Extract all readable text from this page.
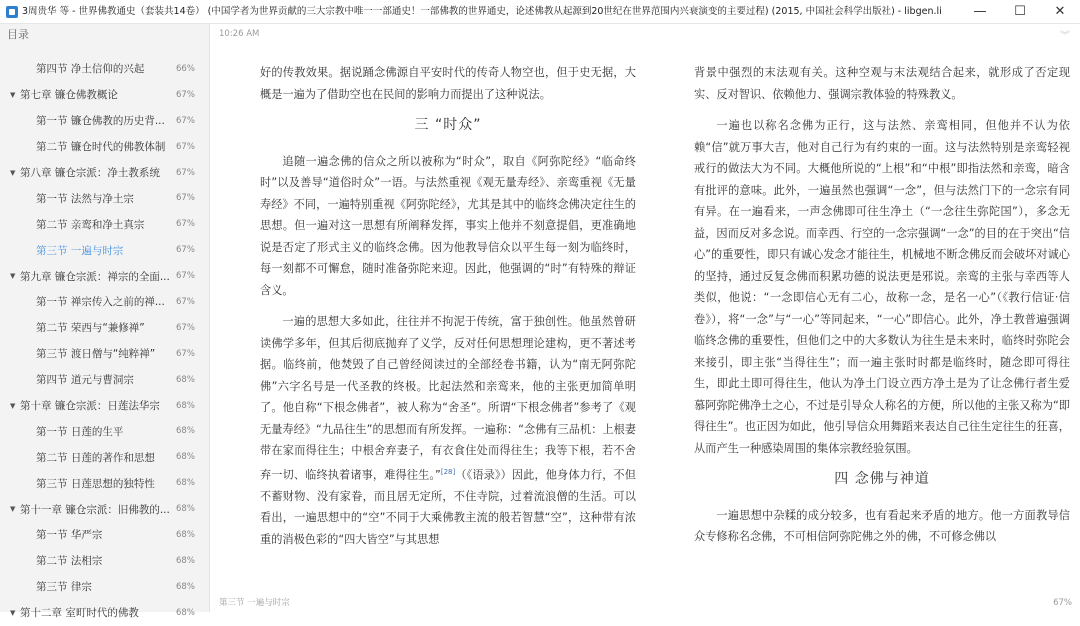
3周贵华 等 - 世界佛教通史（套装共14卷） (中国学者为世界贡献的三大宗教中唯一一部通史！一部佛教的世界通史，论述佛教从起源到20世纪在世界范围内兴衰演变的主要过程) (2015, 中国社会科学出版社) - libgen.li	—	☐	✕
目录
第四节 净土信仰的兴起	66%
▼ 第七章 镰仓佛教概论	67%
第一节 镰仓佛教的历史背...	67%
第二节 镰仓时代的佛教体制	67%
▼ 第八章 镰仓宗派：净土教系统	67%
第一节 法然与净土宗	67%
第二节 亲鸾和净土真宗	67%
第三节 一遍与时宗	67%
▼ 第九章 镰仓宗派：禅宗的全面... 67%
第一节 禅宗传入之前的禅...	67%
第二节 荣西与“兼修禅”	67%
第三节 渡日僧与“纯粹禅”	67%
第四节 道元与曹洞宗	68%
▼ 第十章 镰仓宗派：日莲法华宗	68%
第一节 日莲的生平	68%
第二节 日莲的著作和思想	68%
第三节 日莲思想的独特性	68%
▼ 第十一章 镰仓宗派：旧佛教的... 68%
第一节 华严宗	68%
第二节 法相宗	68%
第三节 律宗	68%
▼ 第十二章 室町时代的佛教	68%
10:26 AM	︾

好的传教效果。据说踊念佛源自平安时代的传奇人物空也，但于史无据，大概是一遍为了借助空也在民间的影响力而提出了这种说法。

三 “时众”

追随一遍念佛的信众之所以被称为“时众”，取自《阿弥陀经》“临命终时”以及善导“道俗时众”一语。与法然重视《观无量寿经》、亲鸾重视《无量寿经》不同，一遍特别重视《阿弥陀经》，尤其是其中的临终念佛决定往生的思想。但一遍对这一思想有所阐释发挥，事实上他并不刻意提倡，更准确地说是否定了形式主义的临终念佛。因为他教导信众以平生每一刻为临终时，每一刻都不可懈怠，随时准备弥陀来迎。因此，他强调的“时”有特殊的辩证含义。

一遍的思想大多如此，往往并不拘泥于传统，富于独创性。他虽然曾研读佛学多年，但其后彻底抛弃了义学，反对任何思想理论建构，更不著述考据。临终前，他焚毁了自己曾经阅读过的全部经卷书籍，认为“南无阿弥陀佛”六字名号是一代圣教的终极。比起法然和亲鸾来，他的主张更加简单明了。他自称“下根念佛者”，被人称为“舍圣”。所谓“下根念佛者”参考了《观无量寿经》“九品往生”的思想而有所发挥。一遍称：“念佛有三品机：上根妻带在家而得往生；中根舍弃妻子，有衣食住处而得往生；我等下根，若不舍弃一切、临终执着诸事，难得往生。”[28]（《语录》）因此，他身体力行，不但不蓄财物、没有家眷，而且居无定所，不住寺院，过着流浪僧的生活。可以看出，一遍思想中的“空”不同于大乘佛教主流的般若智慧“空”，这种带有浓重的消极色彩的“四大皆空”与其思想

背景中强烈的末法观有关。这种空观与末法观结合起来，就形成了否定现实、反对智识、依赖他力、强调宗教体验的特殊教义。

一遍也以称名念佛为正行，这与法然、亲鸾相同，但他并不认为依赖“信”就万事大吉，他对自己行为有约束的一面。这与法然特别是亲鸾轻视戒行的做法大为不同。大概他所说的“上根”和“中根”即指法然和亲鸾，暗含有批评的意味。此外，一遍虽然也强调“一念”，但与法然门下的一念宗有同有异。在一遍看来，一声念佛即可往生净土（“一念往生弥陀国”），多念无益，因而反对多念说。而幸西、行空的一念宗强调“一念”的目的在于突出“信心”的重要性，即只有诚心发念才能往生，机械地不断念佛反而会破坏对诚心的坚持，通过反复念佛而积累功德的说法更是邪说。亲鸾的主张与幸西等人类似，他说：“一念即信心无有二心，故称一念，是名一心”（《教行信证·信卷》），将“一念”与“一心”等同起来，“一心”即信心。此外，净土教普遍强调临终念佛的重要性，但他们之中的大多数认为往生是未来时，临终时弥陀会来接引，即主张“当得往生”；而一遍主张时时都是临终时，随念即可得往生，即此土即可得往生，他认为净土门设立西方净土是为了让念佛行者生爱慕阿弥陀佛净土之心，不过是引导众人称名的方便，所以他的主张又称为“即得往生”。也正因为如此，他引导信众用舞蹈来表达自己往生定往生的狂喜，从而产生一种感染周围的集体宗教经验氛围。

四 念佛与神道

一遍思想中杂糅的成分较多，也有看起来矛盾的地方。他一方面教导信众专修称名念佛，不可相信阿弥陀佛之外的佛，不可修念佛以

第三节 一遍与时宗	67%
